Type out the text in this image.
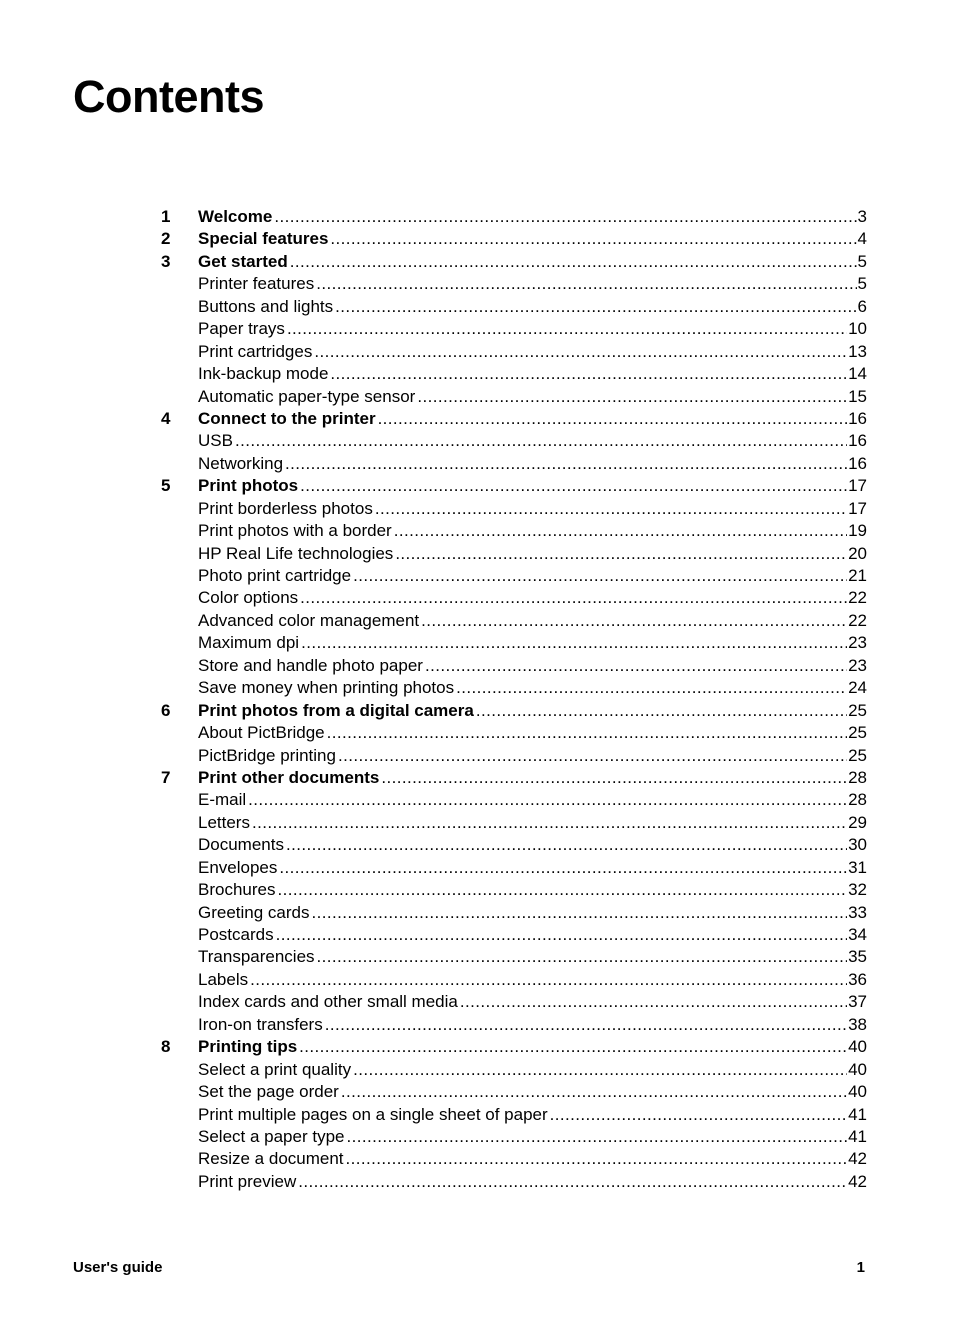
Contents
1	Welcome .....	3
2	Special features .....	4
3	Get started .....	5
Printer features .....	5
Buttons and lights .....	6
Paper trays .....	10
Print cartridges .....	13
Ink-backup mode .....	14
Automatic paper-type sensor .....	15
4	Connect to the printer .....	16
USB .....	16
Networking .....	16
5	Print photos .....	17
Print borderless photos .....	17
Print photos with a border .....	19
HP Real Life technologies .....	20
Photo print cartridge .....	21
Color options .....	22
Advanced color management .....	22
Maximum dpi .....	23
Store and handle photo paper .....	23
Save money when printing photos .....	24
6	Print photos from a digital camera .....	25
About PictBridge .....	25
PictBridge printing .....	25
7	Print other documents .....	28
E-mail .....	28
Letters .....	29
Documents .....	30
Envelopes .....	31
Brochures .....	32
Greeting cards .....	33
Postcards .....	34
Transparencies .....	35
Labels .....	36
Index cards and other small media .....	37
Iron-on transfers .....	38
8	Printing tips .....	40
Select a print quality .....	40
Set the page order .....	40
Print multiple pages on a single sheet of paper .....	41
Select a paper type .....	41
Resize a document .....	42
Print preview .....	42
User's guide	1
